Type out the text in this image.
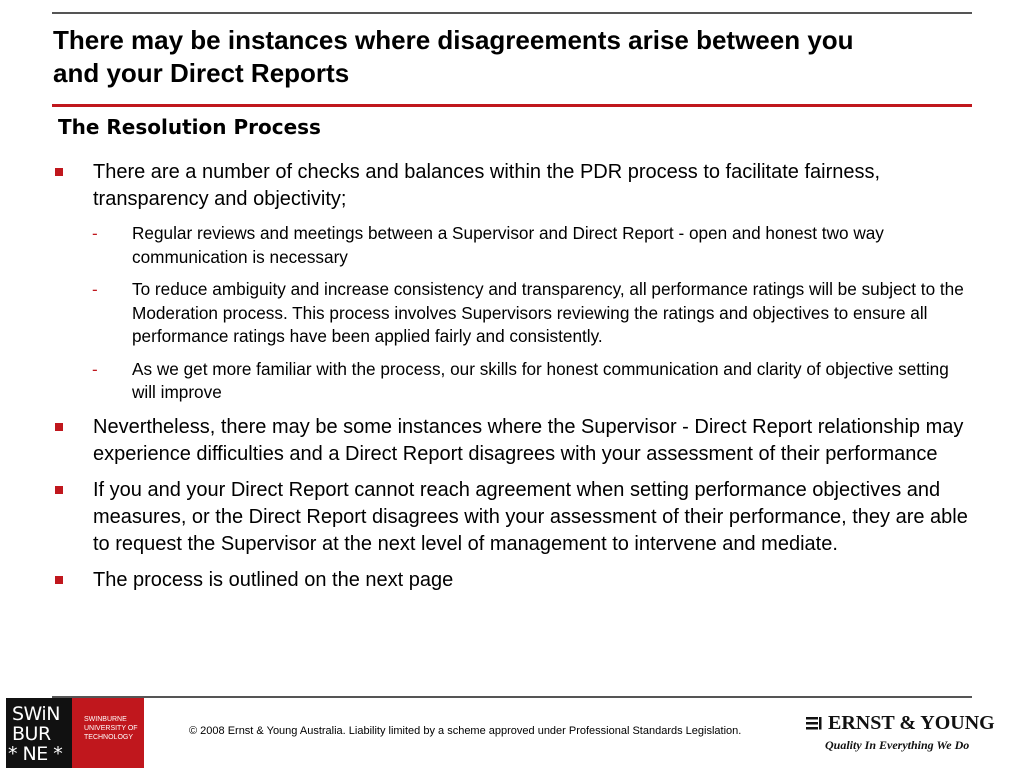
There may be instances where disagreements arise between you
and your Direct Reports
The Resolution Process
There are a number of checks and balances within the PDR process to facilitate fairness, transparency and objectivity;
-	Regular reviews and meetings between a Supervisor and Direct Report - open and honest two way communication is necessary
-	To reduce ambiguity and increase consistency and transparency, all performance ratings will be subject to the Moderation process. This process involves Supervisors reviewing the ratings and objectives to ensure all performance ratings have been applied fairly and consistently.
-	As we get more familiar with the process, our skills for honest communication and clarity of objective setting will improve
Nevertheless, there may be some instances where the Supervisor - Direct Report relationship may experience difficulties and a Direct Report disagrees with your assessment of their performance
If you and your Direct Report cannot reach agreement when setting performance objectives and measures, or the Direct Report disagrees with your assessment of their performance, they are able to request the Supervisor at the next level of management to intervene and mediate.
The process is outlined on the next page
SWiN
BUR
* NE *
SWINBURNE
UNIVERSITY OF
TECHNOLOGY
© 2008 Ernst & Young Australia. Liability limited by a scheme approved under Professional Standards Legislation.	ERNST & YOUNG
Quality In Everything We Do
